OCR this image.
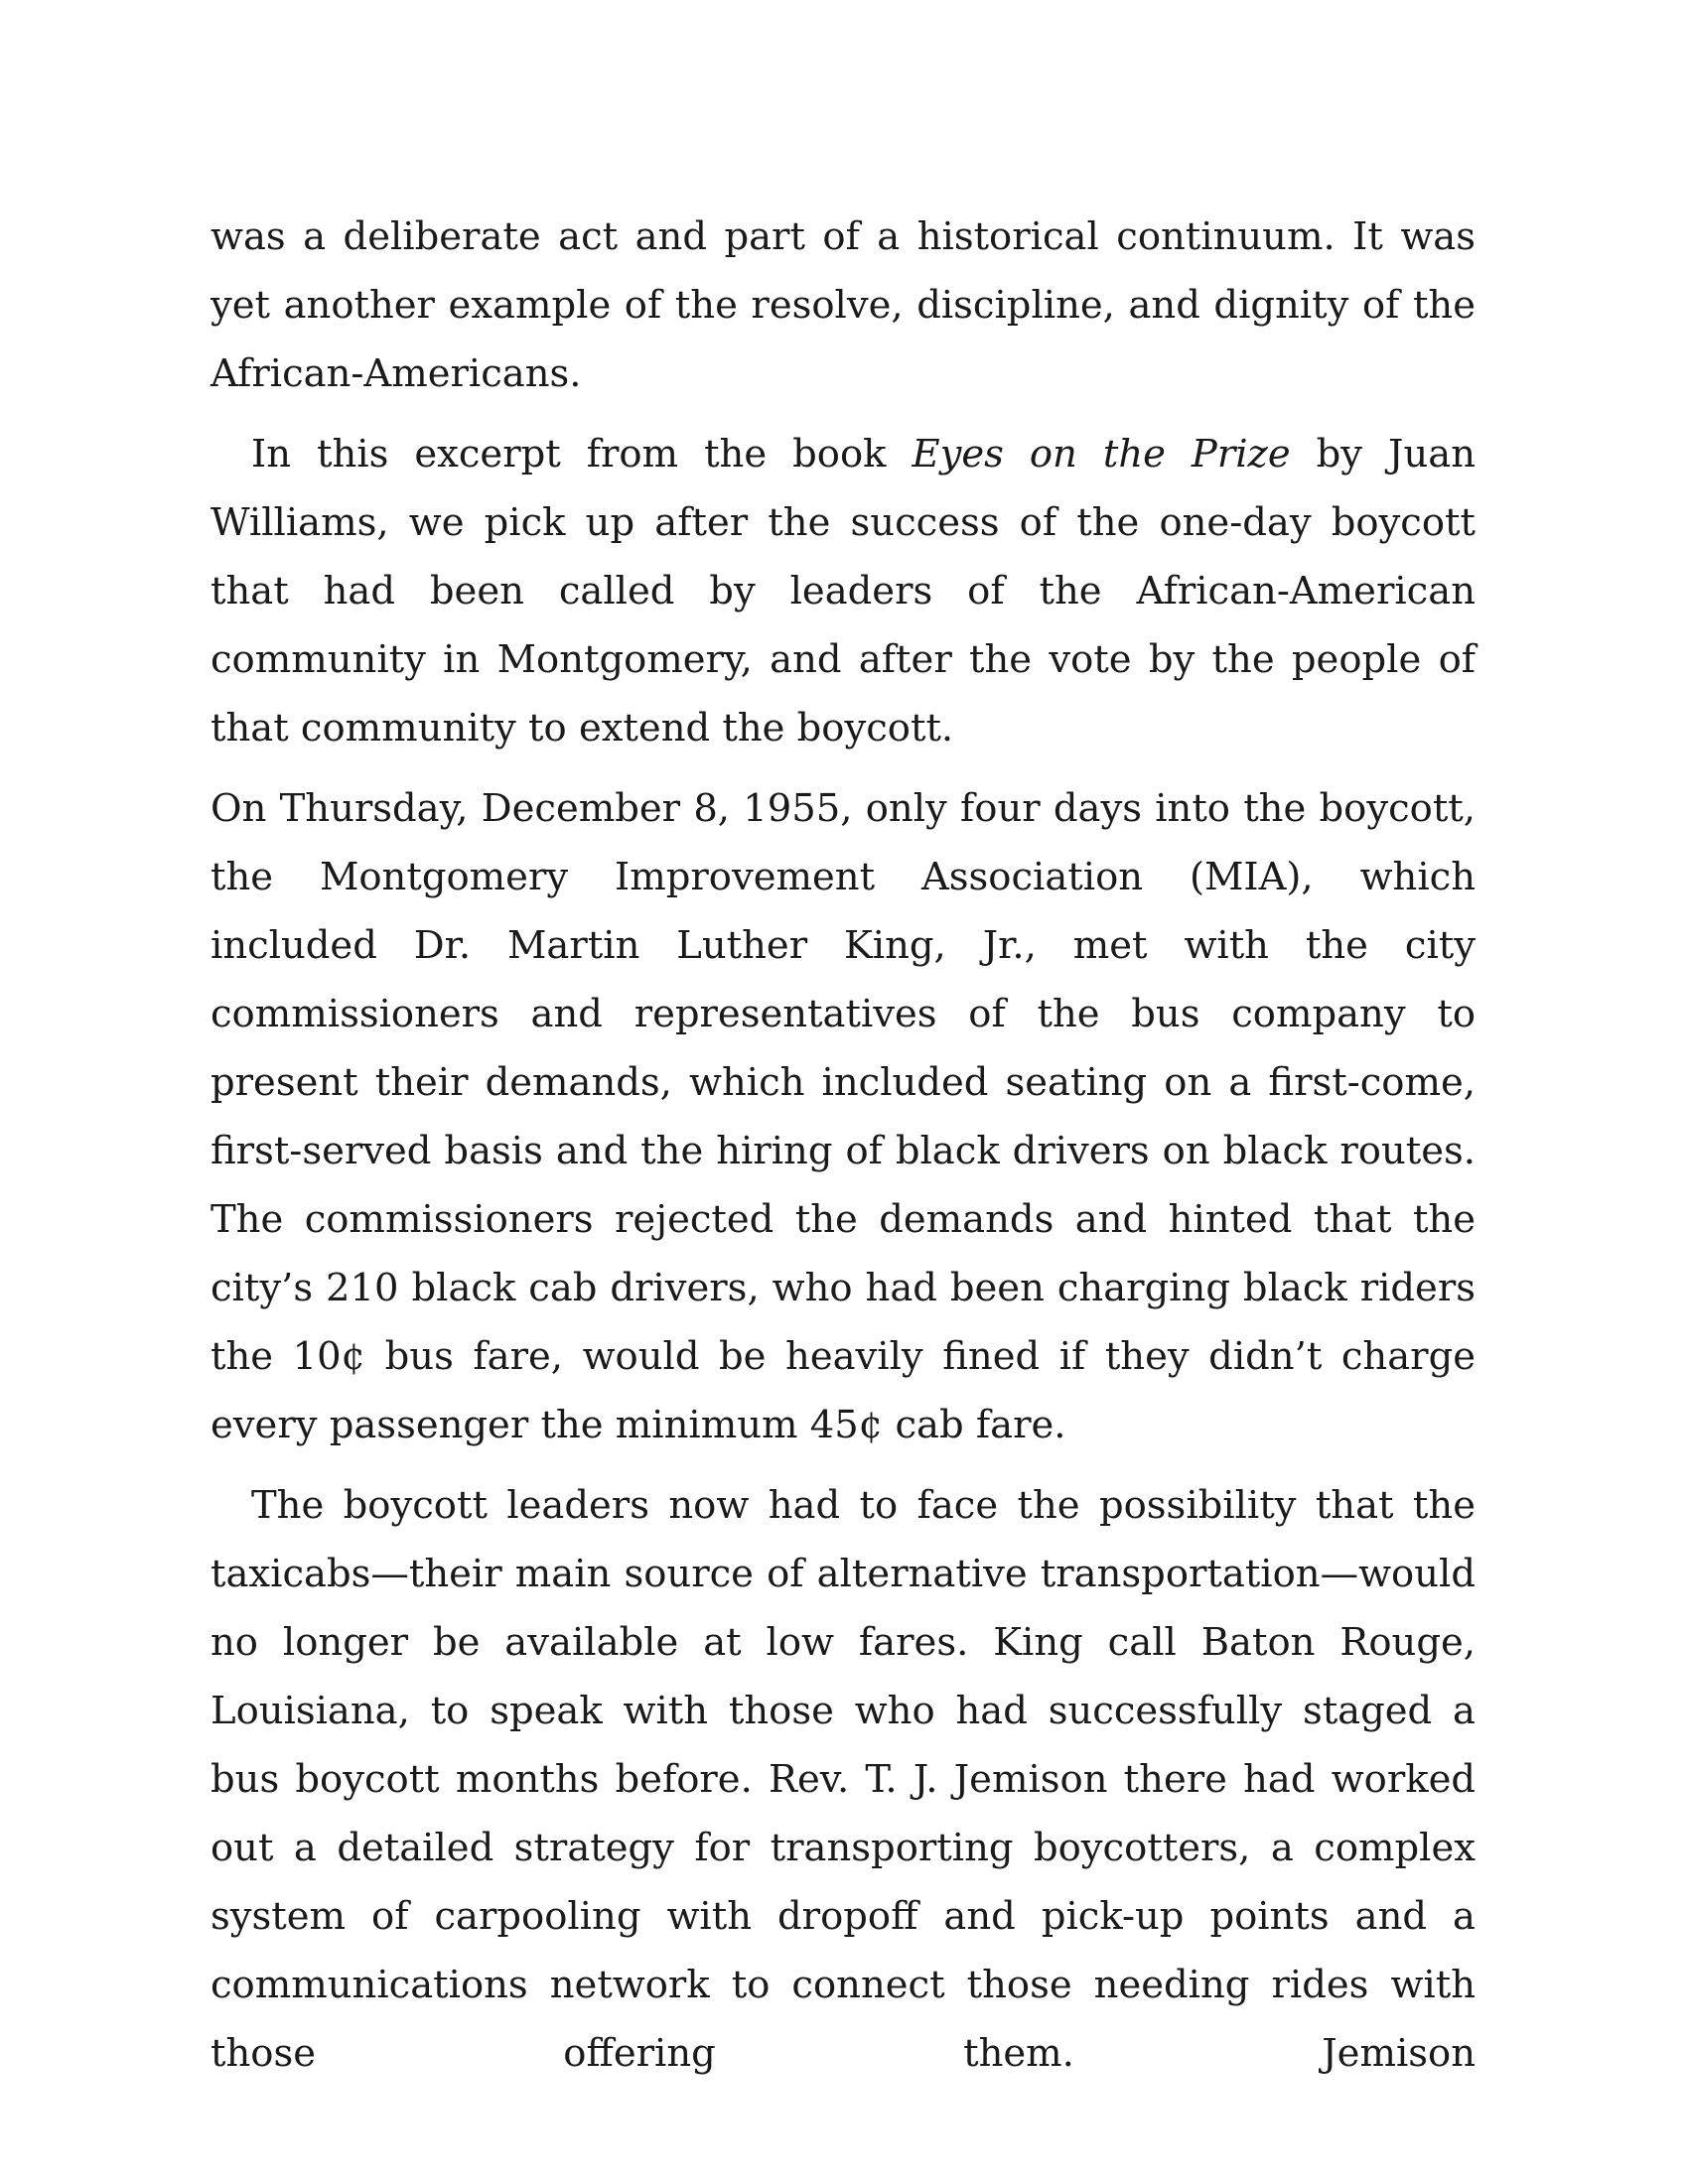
was a deliberate act and part of a historical continuum. It was yet another example of the resolve, discipline, and dignity of the African-Americans.

In this excerpt from the book Eyes on the Prize by Juan Williams, we pick up after the success of the one-day boycott that had been called by leaders of the African-American community in Montgomery, and after the vote by the people of that community to extend the boycott.

On Thursday, December 8, 1955, only four days into the boycott, the Montgomery Improvement Association (MIA), which included Dr. Martin Luther King, Jr., met with the city commissioners and representatives of the bus company to present their demands, which included seating on a first-come, first-served basis and the hiring of black drivers on black routes. The commissioners rejected the demands and hinted that the city’s 210 black cab drivers, who had been charging black riders the 10¢ bus fare, would be heavily fined if they didn’t charge every passenger the minimum 45¢ cab fare.

The boycott leaders now had to face the possibility that the taxicabs—their main source of alternative transportation—would no longer be available at low fares. King call Baton Rouge, Louisiana, to speak with those who had successfully staged a bus boycott months before. Rev. T. J. Jemison there had worked out a detailed strategy for transporting boycotters, a complex system of carpooling with dropoff and pick-up points and a communications network to connect those needing rides with those offering them. Jemison
